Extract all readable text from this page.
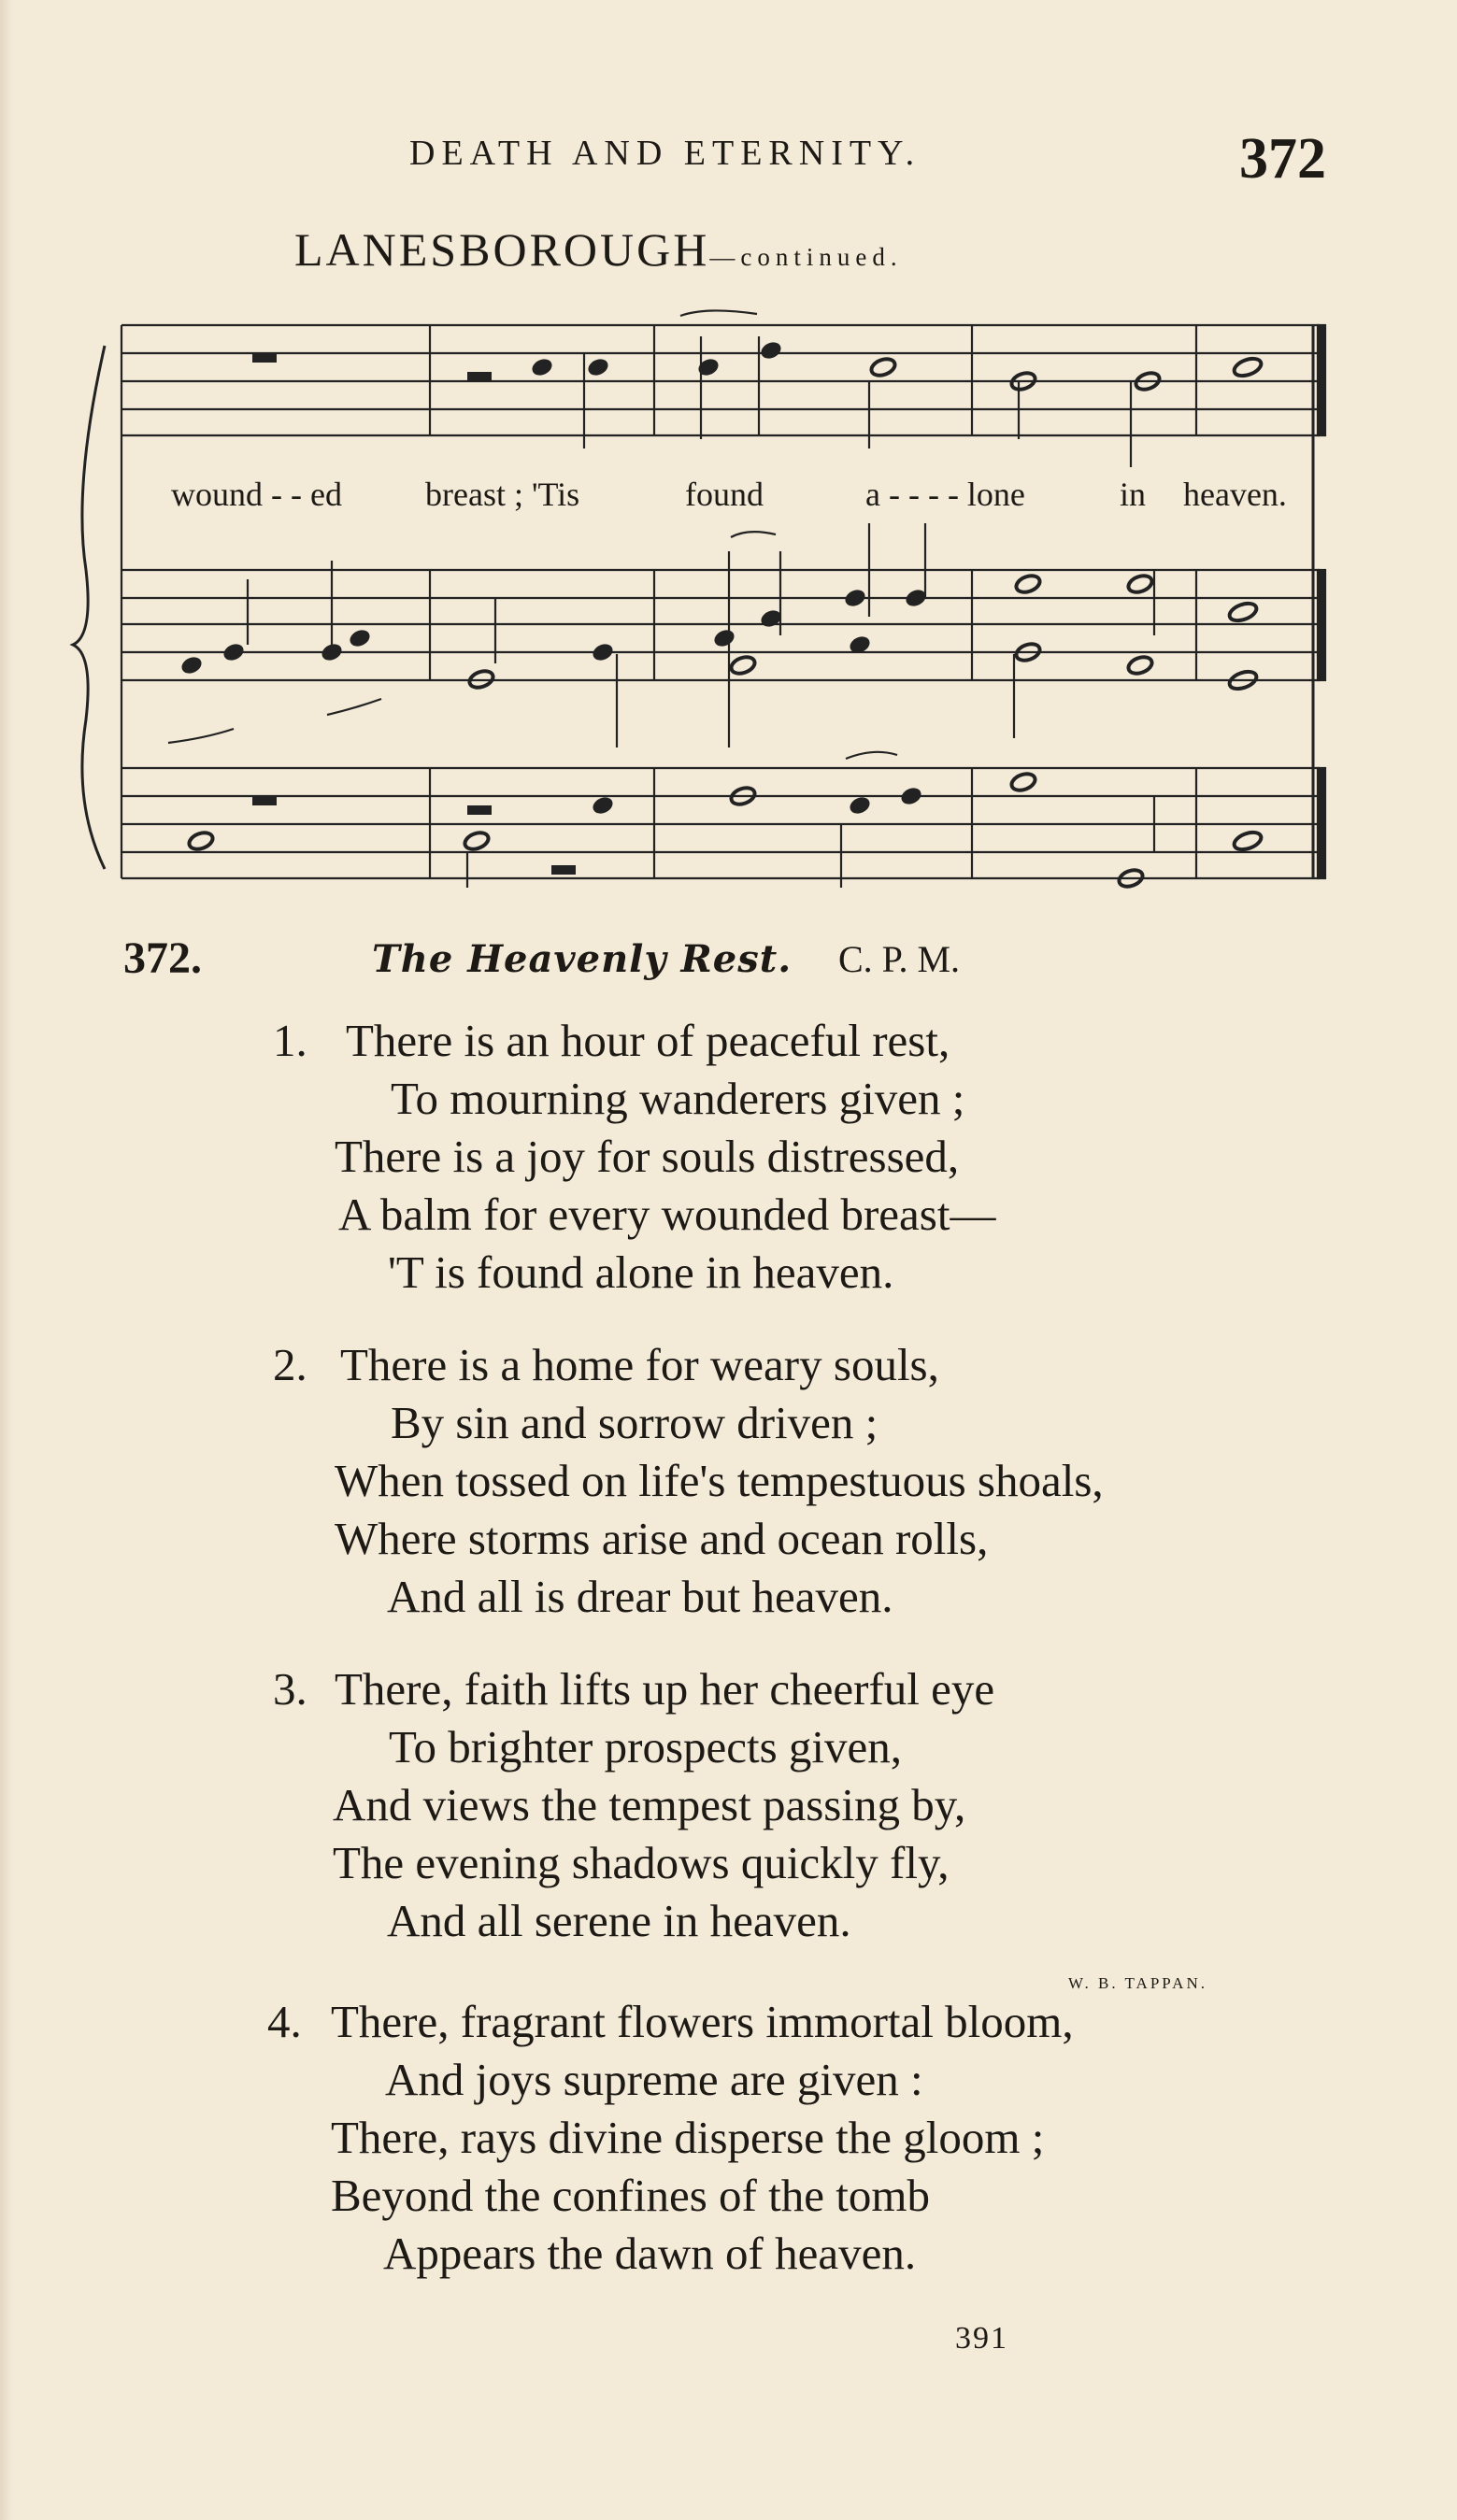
DEATH AND ETERNITY.	372
LANESBOROUGH—continued.
wound - - ed breast ; 'Tis	found	a - - - - lone	in heaven.
372.	The Heavenly Rest. C. P. M.
1. There is an hour of peaceful rest,
To mourning wanderers given ;
There is a joy for souls distressed,
A balm for every wounded breast—
'T is found alone in heaven.
2. There is a home for weary souls,
By sin and sorrow driven ;
When tossed on life's tempestuous shoals,
Where storms arise and ocean rolls,
And all is drear but heaven.
3. There, faith lifts up her cheerful eye
To brighter prospects given,
And views the tempest passing by,
The evening shadows quickly fly,
And all serene in heaven.
4. There, fragrant flowers immortal bloom,
And joys supreme are given :
There, rays divine disperse the gloom ;
Beyond the confines of the tomb
Appears the dawn of heaven.
W. B. TAPPAN.
391
